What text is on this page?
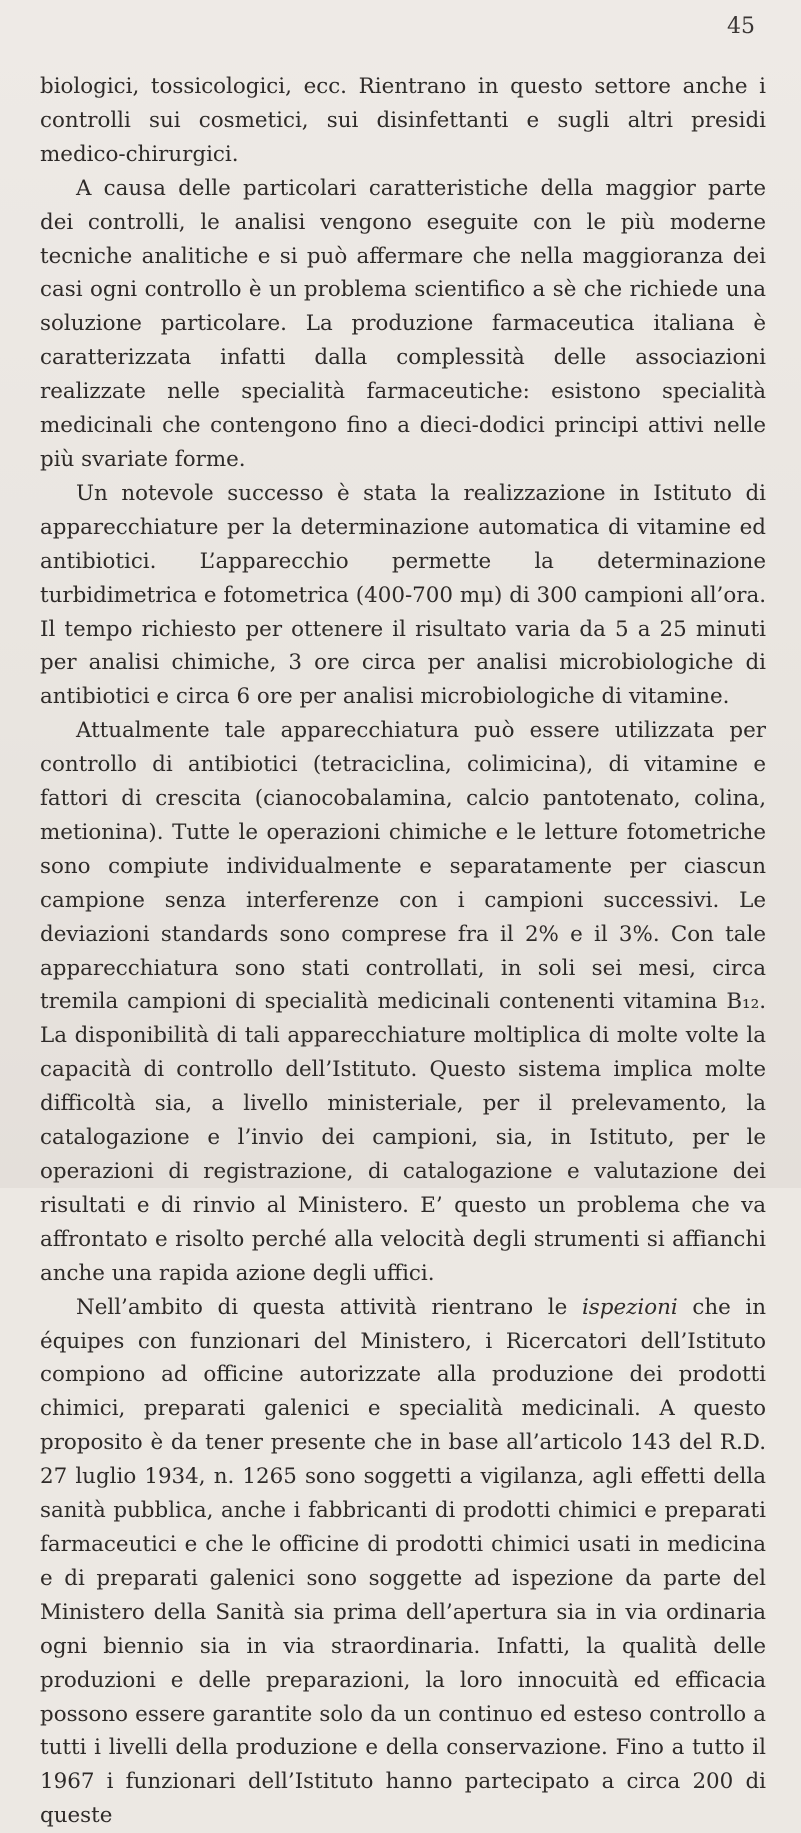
45

biologici, tossicologici, ecc. Rientrano in questo settore anche i controlli sui cosmetici, sui disinfettanti e sugli altri presidi medico-chirurgici.

A causa delle particolari caratteristiche della maggior parte dei controlli, le analisi vengono eseguite con le più moderne tecniche analitiche e si può affermare che nella maggioranza dei casi ogni controllo è un problema scientifico a sè che richiede una soluzione particolare. La produzione farmaceutica italiana è caratterizzata infatti dalla complessità delle associazioni realizzate nelle specialità farmaceutiche: esistono specialità medicinali che contengono fino a dieci-dodici principi attivi nelle più svariate forme.

Un notevole successo è stata la realizzazione in Istituto di apparecchiature per la determinazione automatica di vitamine ed antibiotici. L’apparecchio permette la determinazione turbidimetrica e fotometrica (400-700 mμ) di 300 campioni all’ora. Il tempo richiesto per ottenere il risultato varia da 5 a 25 minuti per analisi chimiche, 3 ore circa per analisi microbiologiche di antibiotici e circa 6 ore per analisi microbiologiche di vitamine.

Attualmente tale apparecchiatura può essere utilizzata per controllo di antibiotici (tetraciclina, colimicina), di vitamine e fattori di crescita (cianocobalamina, calcio pantotenato, colina, metionina). Tutte le operazioni chimiche e le letture fotometriche sono compiute individualmente e separatamente per ciascun campione senza interferenze con i campioni successivi. Le deviazioni standards sono comprese fra il 2% e il 3%. Con tale apparecchiatura sono stati controllati, in soli sei mesi, circa tremila campioni di specialità medicinali contenenti vitamina B₁₂. La disponibilità di tali apparecchiature moltiplica di molte volte la capacità di controllo dell’Istituto. Questo sistema implica molte difficoltà sia, a livello ministeriale, per il prelevamento, la catalogazione e l’invio dei campioni, sia, in Istituto, per le operazioni di registrazione, di catalogazione e valutazione dei risultati e di rinvio al Ministero. E’ questo un problema che va affrontato e risolto perché alla velocità degli strumenti si affianchi anche una rapida azione degli uffici.

Nell’ambito di questa attività rientrano le ispezioni che in équipes con funzionari del Ministero, i Ricercatori dell’Istituto compiono ad officine autorizzate alla produzione dei prodotti chimici, preparati galenici e specialità medicinali. A questo proposito è da tener presente che in base all’articolo 143 del R.D. 27 luglio 1934, n. 1265 sono soggetti a vigilanza, agli effetti della sanità pubblica, anche i fabbricanti di prodotti chimici e preparati farmaceutici e che le officine di prodotti chimici usati in medicina e di preparati galenici sono soggette ad ispezione da parte del Ministero della Sanità sia prima dell’apertura sia in via ordinaria ogni biennio sia in via straordinaria. Infatti, la qualità delle produzioni e delle preparazioni, la loro innocuità ed efficacia possono essere garantite solo da un continuo ed esteso controllo a tutti i livelli della produzione e della conservazione. Fino a tutto il 1967 i funzionari dell’Istituto hanno partecipato a circa 200 di queste
